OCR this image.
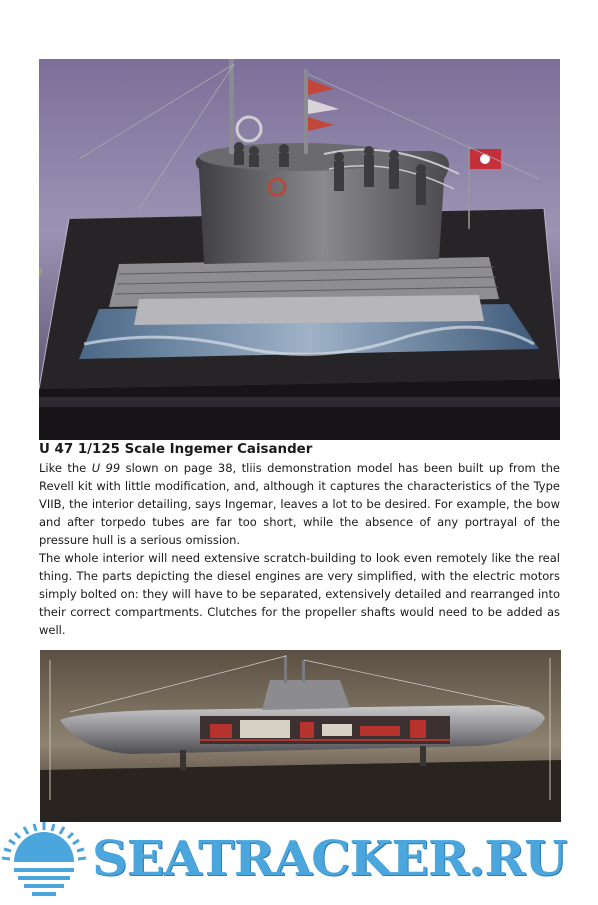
U 47 1/125 Scale Ingemer Caisander

Like the U 99 slown on page 38, tliis demonstration model has been built up from the Revell kit with little modification, and, although it captures the characteristics of the Type VIIB, the interior detailing, says Ingemar, leaves a lot to be desired. For example, the bow and after torpedo tubes are far too short, while the absence of any portrayal of the pressure hull is a serious omission.

The whole interior will need extensive scratch-building to look even remotely like the real thing. The parts depicting the diesel engines are very simplified, with the electric motors simply bolted on: they will have to be separated, extensively detailed and rearranged into their correct compartments. Clutches for the propeller shafts would need to be added as well.

SEATRACKER.RU
